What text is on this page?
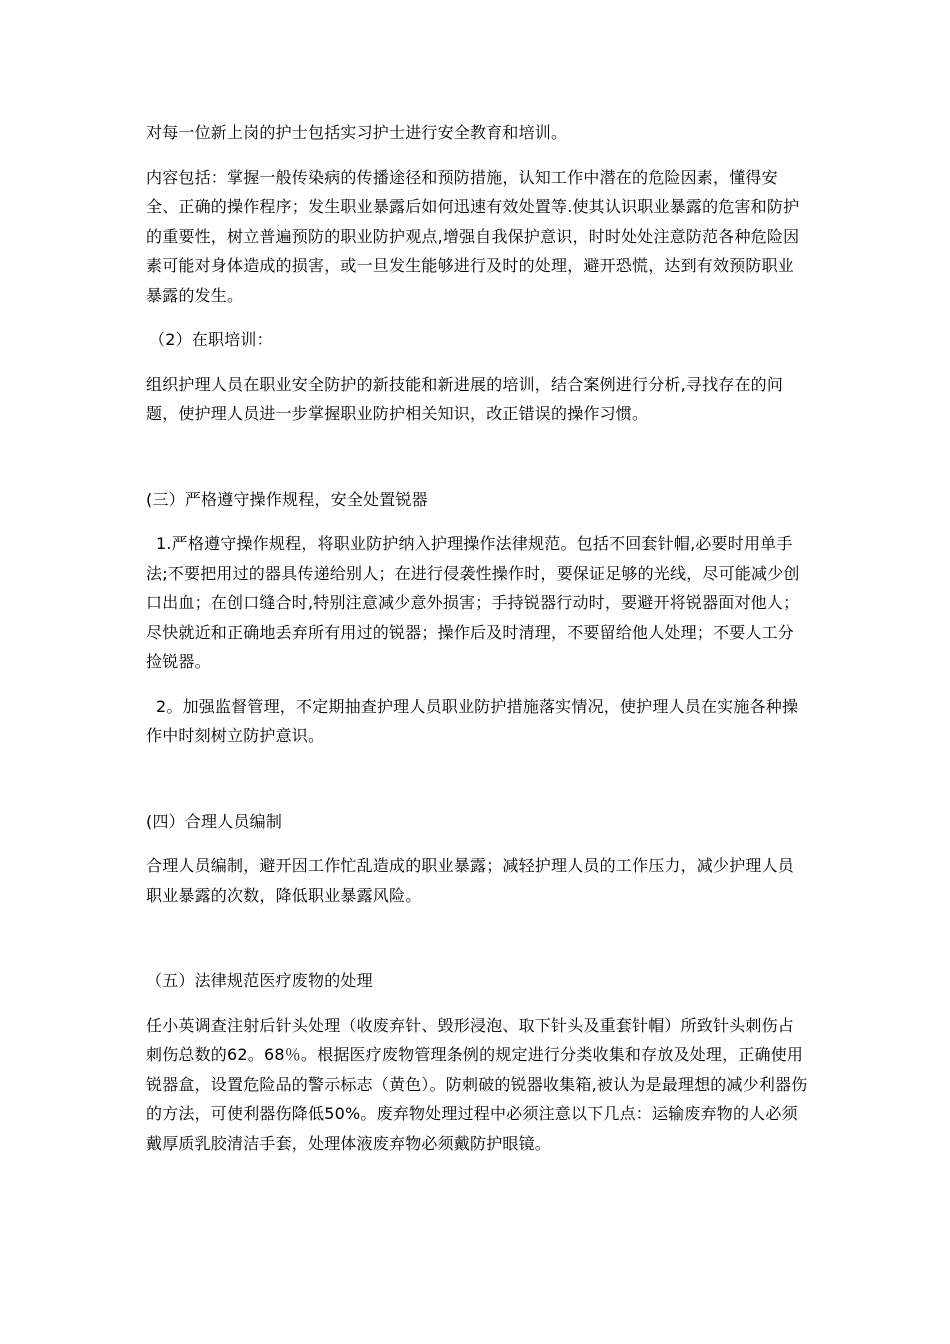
对每一位新上岗的护士包括实习护士进行安全教育和培训。

内容包括：掌握一般传染病的传播途径和预防措施，认知工作中潜在的危险因素，懂得安全、正确的操作程序；发生职业暴露后如何迅速有效处置等.使其认识职业暴露的危害和防护的重要性，树立普遍预防的职业防护观点,增强自我保护意识，时时处处注意防范各种危险因素可能对身体造成的损害，或一旦发生能够进行及时的处理，避开恐慌，达到有效预防职业暴露的发生。

（2）在职培训：

组织护理人员在职业安全防护的新技能和新进展的培训，结合案例进行分析,寻找存在的问题，使护理人员进一步掌握职业防护相关知识，改正错误的操作习惯。

(三）严格遵守操作规程，安全处置锐器

1.严格遵守操作规程，将职业防护纳入护理操作法律规范。包括不回套针帽,必要时用单手法;不要把用过的器具传递给别人；在进行侵袭性操作时，要保证足够的光线，尽可能减少创口出血；在创口缝合时,特别注意减少意外损害；手持锐器行动时，要避开将锐器面对他人；尽快就近和正确地丢弃所有用过的锐器；操作后及时清理，不要留给他人处理；不要人工分捡锐器。

2。加强监督管理，不定期抽查护理人员职业防护措施落实情况，使护理人员在实施各种操作中时刻树立防护意识。

(四）合理人员编制

合理人员编制，避开因工作忙乱造成的职业暴露；减轻护理人员的工作压力，减少护理人员职业暴露的次数，降低职业暴露风险。

（五）法律规范医疗废物的处理

任小英调查注射后针头处理（收废弃针、毁形浸泡、取下针头及重套针帽）所致针头刺伤占刺伤总数的62。68％。根据医疗废物管理条例的规定进行分类收集和存放及处理，正确使用锐器盒，设置危险品的警示标志（黄色）。防刺破的锐器收集箱,被认为是最理想的减少利器伤的方法，可使利器伤降低50%。废弃物处理过程中必须注意以下几点：运输废弃物的人必须戴厚质乳胶清洁手套，处理体液废弃物必须戴防护眼镜。
